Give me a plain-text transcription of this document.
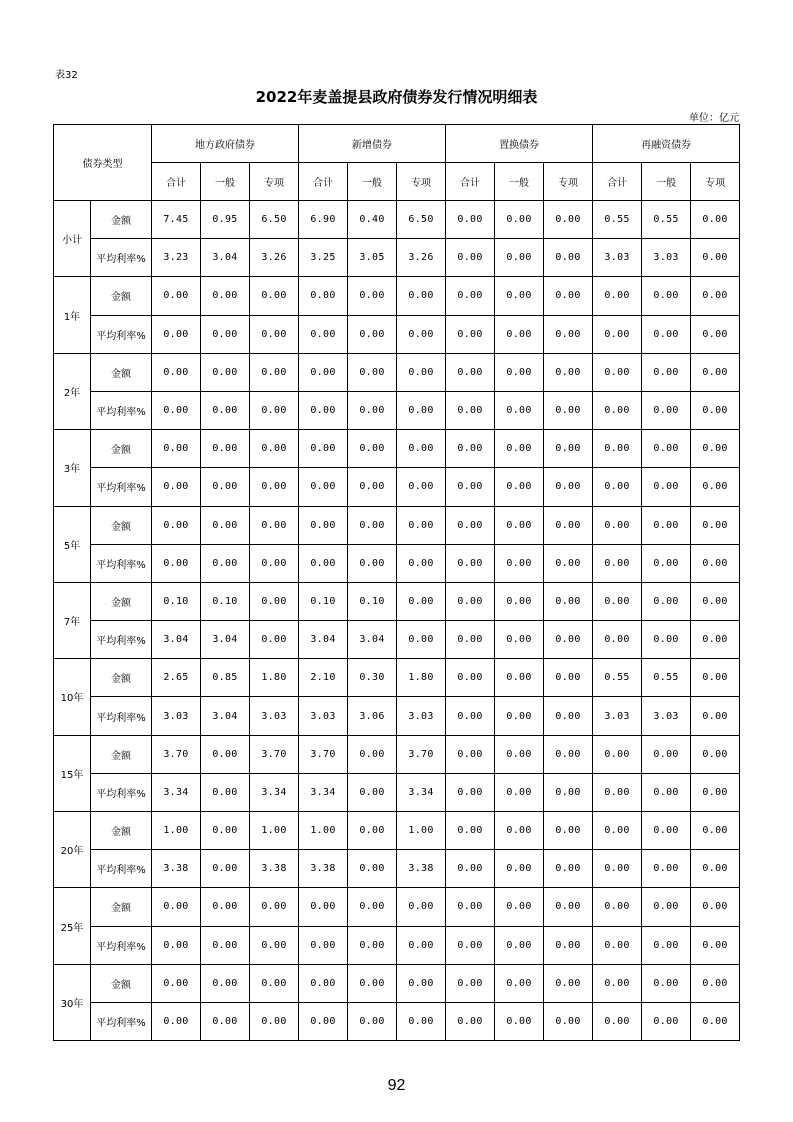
表32
2022年麦盖提县政府债券发行情况明细表
单位：亿元
债券类型		地方政府债券			新增债券			置换债券			再融资债券		
		合计	一般	专项	合计	一般	专项	合计	一般	专项	合计	一般	专项
小计	金额	7.45	0.95	6.50	6.90	0.40	6.50	0.00	0.00	0.00	0.55	0.55	0.00
	平均利率%	3.23	3.04	3.26	3.25	3.05	3.26	0.00	0.00	0.00	3.03	3.03	0.00
1年	金额	0.00	0.00	0.00	0.00	0.00	0.00	0.00	0.00	0.00	0.00	0.00	0.00
	平均利率%	0.00	0.00	0.00	0.00	0.00	0.00	0.00	0.00	0.00	0.00	0.00	0.00
2年	金额	0.00	0.00	0.00	0.00	0.00	0.00	0.00	0.00	0.00	0.00	0.00	0.00
	平均利率%	0.00	0.00	0.00	0.00	0.00	0.00	0.00	0.00	0.00	0.00	0.00	0.00
3年	金额	0.00	0.00	0.00	0.00	0.00	0.00	0.00	0.00	0.00	0.00	0.00	0.00
	平均利率%	0.00	0.00	0.00	0.00	0.00	0.00	0.00	0.00	0.00	0.00	0.00	0.00
5年	金额	0.00	0.00	0.00	0.00	0.00	0.00	0.00	0.00	0.00	0.00	0.00	0.00
	平均利率%	0.00	0.00	0.00	0.00	0.00	0.00	0.00	0.00	0.00	0.00	0.00	0.00
7年	金额	0.10	0.10	0.00	0.10	0.10	0.00	0.00	0.00	0.00	0.00	0.00	0.00
	平均利率%	3.04	3.04	0.00	3.04	3.04	0.00	0.00	0.00	0.00	0.00	0.00	0.00
10年	金额	2.65	0.85	1.80	2.10	0.30	1.80	0.00	0.00	0.00	0.55	0.55	0.00
	平均利率%	3.03	3.04	3.03	3.03	3.06	3.03	0.00	0.00	0.00	3.03	3.03	0.00
15年	金额	3.70	0.00	3.70	3.70	0.00	3.70	0.00	0.00	0.00	0.00	0.00	0.00
	平均利率%	3.34	0.00	3.34	3.34	0.00	3.34	0.00	0.00	0.00	0.00	0.00	0.00
20年	金额	1.00	0.00	1.00	1.00	0.00	1.00	0.00	0.00	0.00	0.00	0.00	0.00
	平均利率%	3.38	0.00	3.38	3.38	0.00	3.38	0.00	0.00	0.00	0.00	0.00	0.00
25年	金额	0.00	0.00	0.00	0.00	0.00	0.00	0.00	0.00	0.00	0.00	0.00	0.00
	平均利率%	0.00	0.00	0.00	0.00	0.00	0.00	0.00	0.00	0.00	0.00	0.00	0.00
30年	金额	0.00	0.00	0.00	0.00	0.00	0.00	0.00	0.00	0.00	0.00	0.00	0.00
	平均利率%	0.00	0.00	0.00	0.00	0.00	0.00	0.00	0.00	0.00	0.00	0.00	0.00
92
